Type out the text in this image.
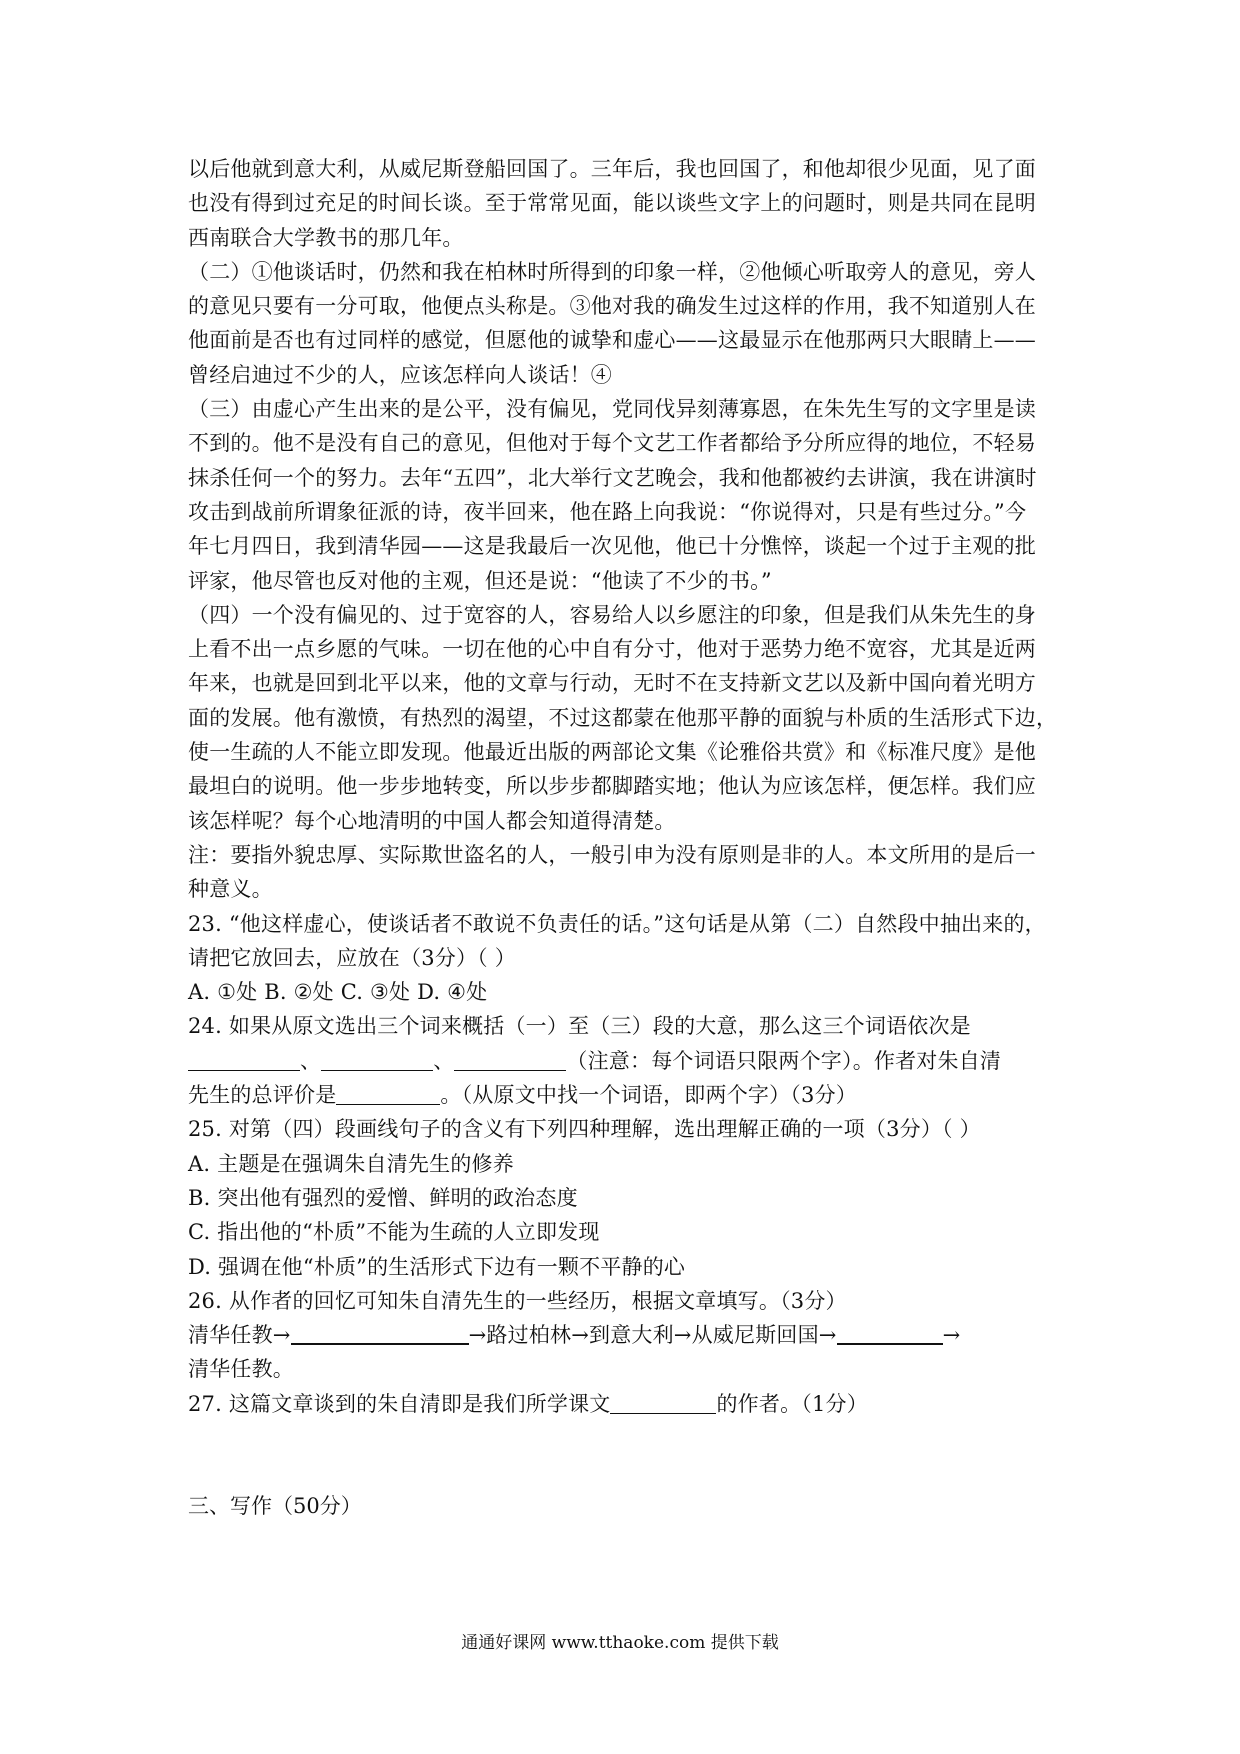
以后他就到意大利，从威尼斯登船回国了。三年后，我也回国了，和他却很少见面，见了面
也没有得到过充足的时间长谈。至于常常见面，能以谈些文字上的问题时，则是共同在昆明
西南联合大学教书的那几年。
（二）①他谈话时，仍然和我在柏林时所得到的印象一样，②他倾心听取旁人的意见，旁人
的意见只要有一分可取，他便点头称是。③他对我的确发生过这样的作用，我不知道别人在
他面前是否也有过同样的感觉，但愿他的诚挚和虚心——这最显示在他那两只大眼睛上——
曾经启迪过不少的人，应该怎样向人谈话！④
（三）由虚心产生出来的是公平，没有偏见，党同伐异刻薄寡恩，在朱先生写的文字里是读
不到的。他不是没有自己的意见，但他对于每个文艺工作者都给予分所应得的地位，不轻易
抹杀任何一个的努力。去年“五四”，北大举行文艺晚会，我和他都被约去讲演，我在讲演时
攻击到战前所谓象征派的诗，夜半回来，他在路上向我说：“你说得对，只是有些过分。”今
年七月四日，我到清华园——这是我最后一次见他，他已十分憔悴，谈起一个过于主观的批
评家，他尽管也反对他的主观，但还是说：“他读了不少的书。”
（四）一个没有偏见的、过于宽容的人，容易给人以乡愿注的印象，但是我们从朱先生的身
上看不出一点乡愿的气味。一切在他的心中自有分寸，他对于恶势力绝不宽容，尤其是近两
年来，也就是回到北平以来，他的文章与行动，无时不在支持新文艺以及新中国向着光明方
面的发展。他有激愤，有热烈的渴望，不过这都蒙在他那平静的面貌与朴质的生活形式下边，
使一生疏的人不能立即发现。他最近出版的两部论文集《论雅俗共赏》和《标准尺度》是他
最坦白的说明。他一步步地转变，所以步步都脚踏实地；他认为应该怎样，便怎样。我们应
该怎样呢？每个心地清明的中国人都会知道得清楚。
注：要指外貌忠厚、实际欺世盗名的人，一般引申为没有原则是非的人。本文所用的是后一
种意义。
23. “他这样虚心，使谈话者不敢说不负责任的话。”这句话是从第（二）自然段中抽出来的，
请把它放回去，应放在（3分）（ ）
A. ①处 B. ②处 C. ③处 D. ④处
24. 如果从原文选出三个词来概括（一）至（三）段的大意，那么这三个词语依次是
、	、	（注意：每个词语只限两个字）。作者对朱自清
先生的总评价是	。（从原文中找一个词语，即两个字）（3分）
25. 对第（四）段画线句子的含义有下列四种理解，选出理解正确的一项（3分）（ ）
A. 主题是在强调朱自清先生的修养
B. 突出他有强烈的爱憎、鲜明的政治态度
C. 指出他的“朴质”不能为生疏的人立即发现
D. 强调在他“朴质”的生活形式下边有一颗不平静的心
26. 从作者的回忆可知朱自清先生的一些经历，根据文章填写。（3分）
清华任教→	→路过柏林→到意大利→从威尼斯回国→	→
清华任教。
27. 这篇文章谈到的朱自清即是我们所学课文	的作者。（1分）
三、写作（50分）
通通好课网 www.tthaoke.com 提供下载
